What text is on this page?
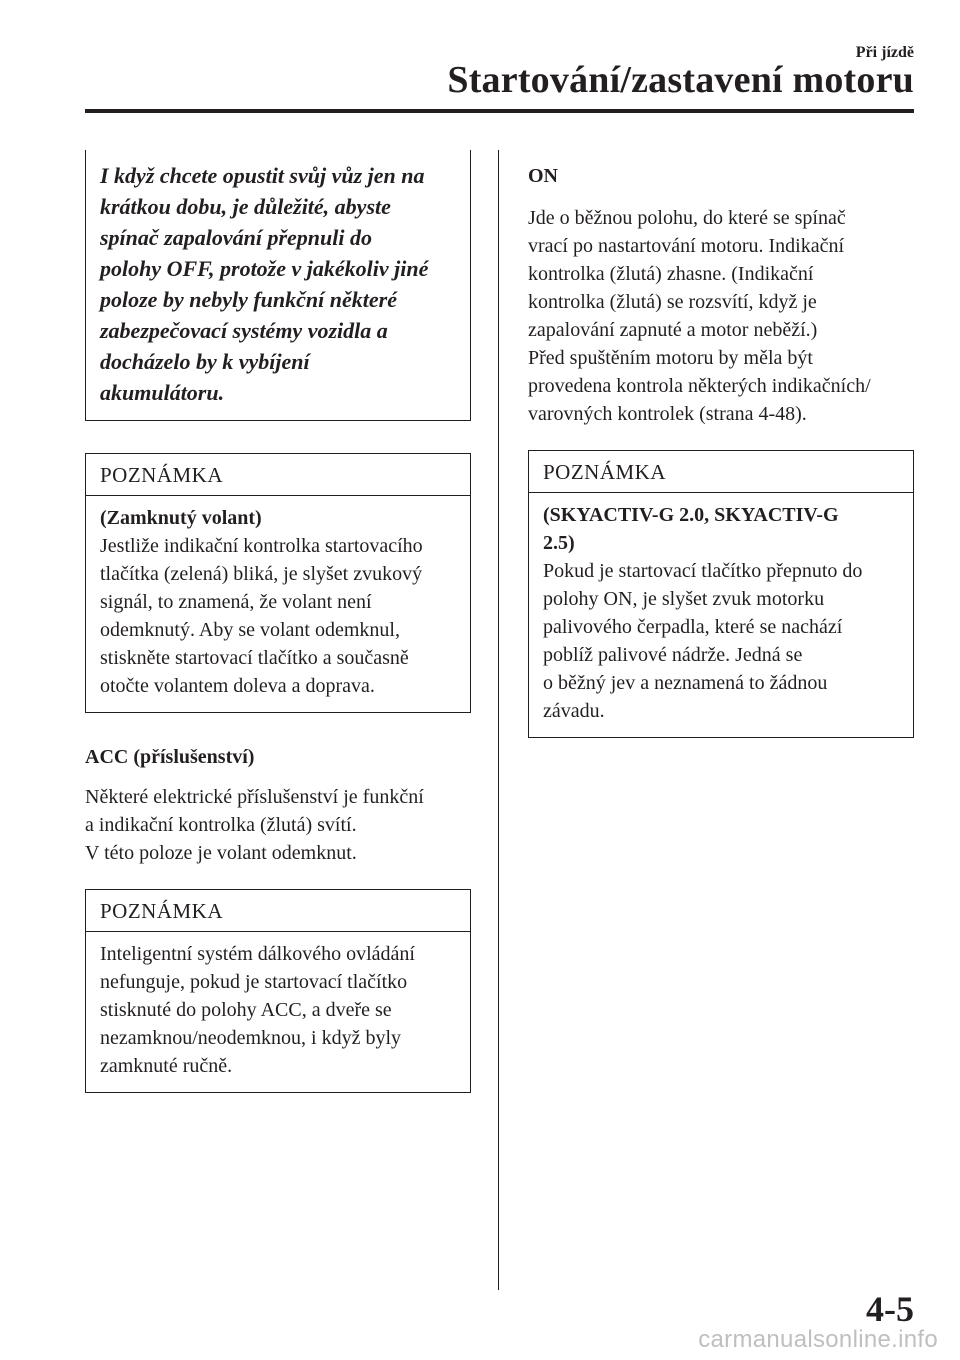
Při jízdě
Startování/zastavení motoru

I když chcete opustit svůj vůz jen na

krátkou dobu, je důležité, abyste

spínač zapalování přepnuli do

polohy OFF, protože v jakékoliv jiné

poloze by nebyly funkční některé

zabezpečovací systémy vozidla a

docházelo by k vybíjení

akumulátoru.

POZNÁMKA

(Zamknutý volant)

Jestliže indikační kontrolka startovacího

tlačítka (zelená) bliká, je slyšet zvukový

signál, to znamená, že volant není

odemknutý. Aby se volant odemknul,

stiskněte startovací tlačítko a současně

otočte volantem doleva a doprava.

ACC (příslušenství)

Některé elektrické příslušenství je funkční

a indikační kontrolka (žlutá) svítí.

V této poloze je volant odemknut.

POZNÁMKA

Inteligentní systém dálkového ovládání

nefunguje, pokud je startovací tlačítko

stisknuté do polohy ACC, a dveře se

nezamknou/neodemknou, i když byly

zamknuté ručně.

ON

Jde o běžnou polohu, do které se spínač

vrací po nastartování motoru. Indikační

kontrolka (žlutá) zhasne. (Indikační

kontrolka (žlutá) se rozsvítí, když je

zapalování zapnuté a motor neběží.)

Před spuštěním motoru by měla být

provedena kontrola některých indikačních/

varovných kontrolek (strana 4-48).

POZNÁMKA

(SKYACTIV-G 2.0, SKYACTIV-G

2.5)

Pokud je startovací tlačítko přepnuto do

polohy ON, je slyšet zvuk motorku

palivového čerpadla, které se nachází

poblíž palivové nádrže. Jedná se

o běžný jev a neznamená to žádnou

závadu.

4-5
carmanualsonline.info
